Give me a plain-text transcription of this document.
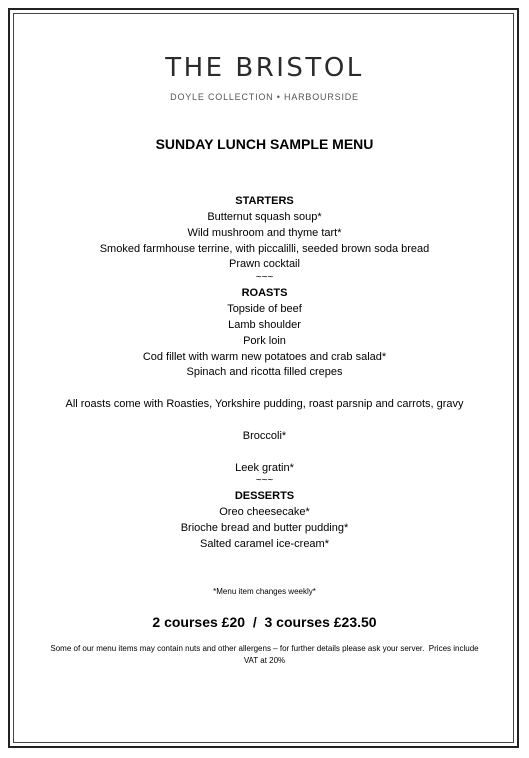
THE BRISTOL
DOYLE COLLECTION • HARBOURSIDE
SUNDAY LUNCH SAMPLE MENU
STARTERS
Butternut squash soup*
Wild mushroom and thyme tart*
Smoked farmhouse terrine, with piccalilli, seeded brown soda bread
Prawn cocktail
~~~
ROASTS
Topside of beef
Lamb shoulder
Pork loin
Cod fillet with warm new potatoes and crab salad*
Spinach and ricotta filled crepes
All roasts come with Roasties, Yorkshire pudding, roast parsnip and carrots, gravy
Broccoli*
Leek gratin*
~~~
DESSERTS
Oreo cheesecake*
Brioche bread and butter pudding*
Salted caramel ice-cream*
*Menu item changes weekly*
2 courses £20  /  3 courses £23.50
Some of our menu items may contain nuts and other allergens – for further details please ask your server.  Prices include VAT at 20%
